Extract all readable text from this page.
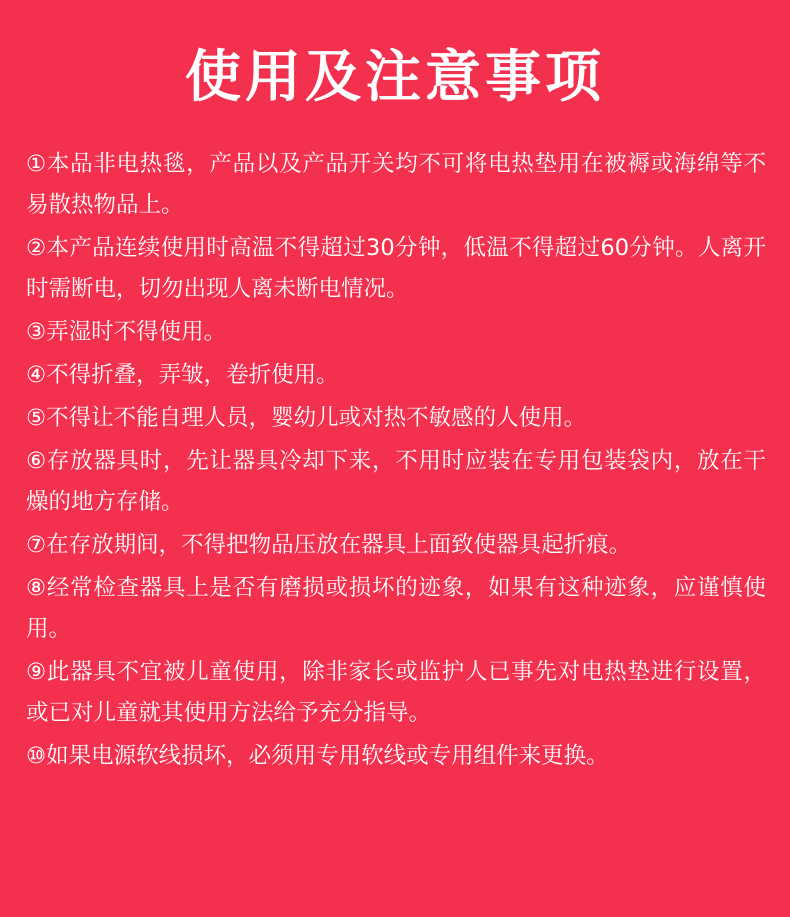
使用及注意事项

①本品非电热毯，产品以及产品开关均不可将电热垫用在被褥或海绵等不易散热物品上。

②本产品连续使用时高温不得超过30分钟，低温不得超过60分钟。人离开时需断电，切勿出现人离未断电情况。

③弄湿时不得使用。

④不得折叠，弄皱，卷折使用。

⑤不得让不能自理人员，婴幼儿或对热不敏感的人使用。

⑥存放器具时，先让器具冷却下来，不用时应装在专用包装袋内，放在干燥的地方存储。

⑦在存放期间，不得把物品压放在器具上面致使器具起折痕。

⑧经常检查器具上是否有磨损或损坏的迹象，如果有这种迹象，应谨慎使用。

⑨此器具不宜被儿童使用，除非家长或监护人已事先对电热垫进行设置，或已对儿童就其使用方法给予充分指导。

⑩如果电源软线损坏，必须用专用软线或专用组件来更换。
